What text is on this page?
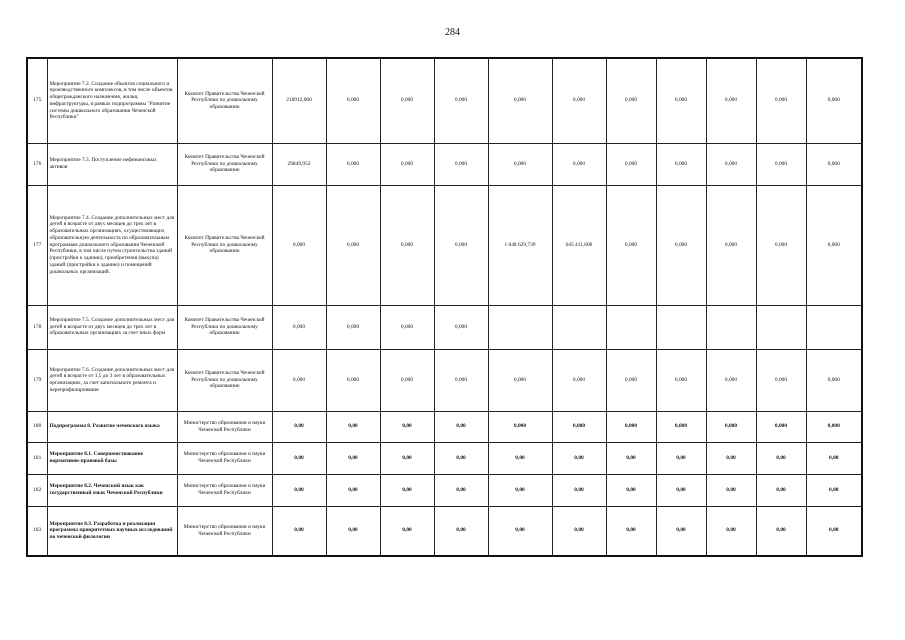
284
175	Мероприятие 7.2. Создание объектов социального и производственного комплексов, в том числе объектов общегражданского назначения, жилья, инфраструктуры, в рамках подпрограммы "Развитие системы дошкольного образования Чеченской Республики"	Комитет Правительства Чеченской Республики по дошкольному образованию	218912,000	0,000	0,000	0,000	0,000	0,000	0,000	0,000	0,000	0,000	0,000
176	Мероприятие 7.3. Поступление нефинансовых активов	Комитет Правительства Чеченской Республики по дошкольному образованию	29849,952	0,000	0,000	0,000	0,000	0,000	0,000	0,000	0,000	0,000	0,000
177	Мероприятие 7.4. Создание дополнительных мест для детей в возрасте от двух месяцев до трех лет в образовательных организациях, осуществляющих образовательную деятельность по образовательным программам дошкольного образования Чеченской Республики, в том числе путем строительства зданий (пристройки к зданию), приобретения (выкупа) зданий (пристройки к зданию) и помещений дошкольных организаций.	Комитет Правительства Чеченской Республики по дошкольному образованию	0,000	0,000	0,000	0,000	1 048 629,739	645 411,600	0,000	0,000	0,000	0,000	0,000
178	Мероприятие 7.5. Создание дополнительных мест для детей в возрасте от двух месяцев до трех лет в образовательных организациях за счет иных форм	Комитет Правительства Чеченской Республики по дошкольному образованию	0,000	0,000	0,000	0,000							
179	Мероприятие 7.6. Создание дополнительных мест для детей в возрасте от 1,5 до 3 лет в образовательных организациях, за счет капитального ремонта и перепрофилирования	Комитет Правительства Чеченской Республики по дошкольному образованию	0,000	0,000	0,000	0,000	0,000	0,000	0,000	0,000	0,000	0,000	0,000
180	Подпрограмма 8. Развитие чеченского языка	Министерство образования и науки Чеченской Республики	0,00	0,00	0,00	0,00	0,000	0,000	0,000	0,000	0,000	0,000	0,000
181	Мероприятие 8.1. Совершенствование нормативно-правовой базы	Министерство образования и науки Чеченской Республики	0,00	0,00	0,00	0,00	0,00	0,00	0,00	0,00	0,00	0,00	0,00
182	Мероприятие 8.2. Чеченский язык как государственный язык Чеченской Республики	Министерство образования и науки Чеченской Республики	0,00	0,00	0,00	0,00	0,00	0,00	0,00	0,00	0,00	0,00	0,00
183	Мероприятие 8.3. Разработка и реализация программы приоритетных научных исследований по чеченской филологии	Министерство образования и науки Чеченской Республики	0,00	0,00	0,00	0,00	0,00	0,00	0,00	0,00	0,00	0,00	0,00
